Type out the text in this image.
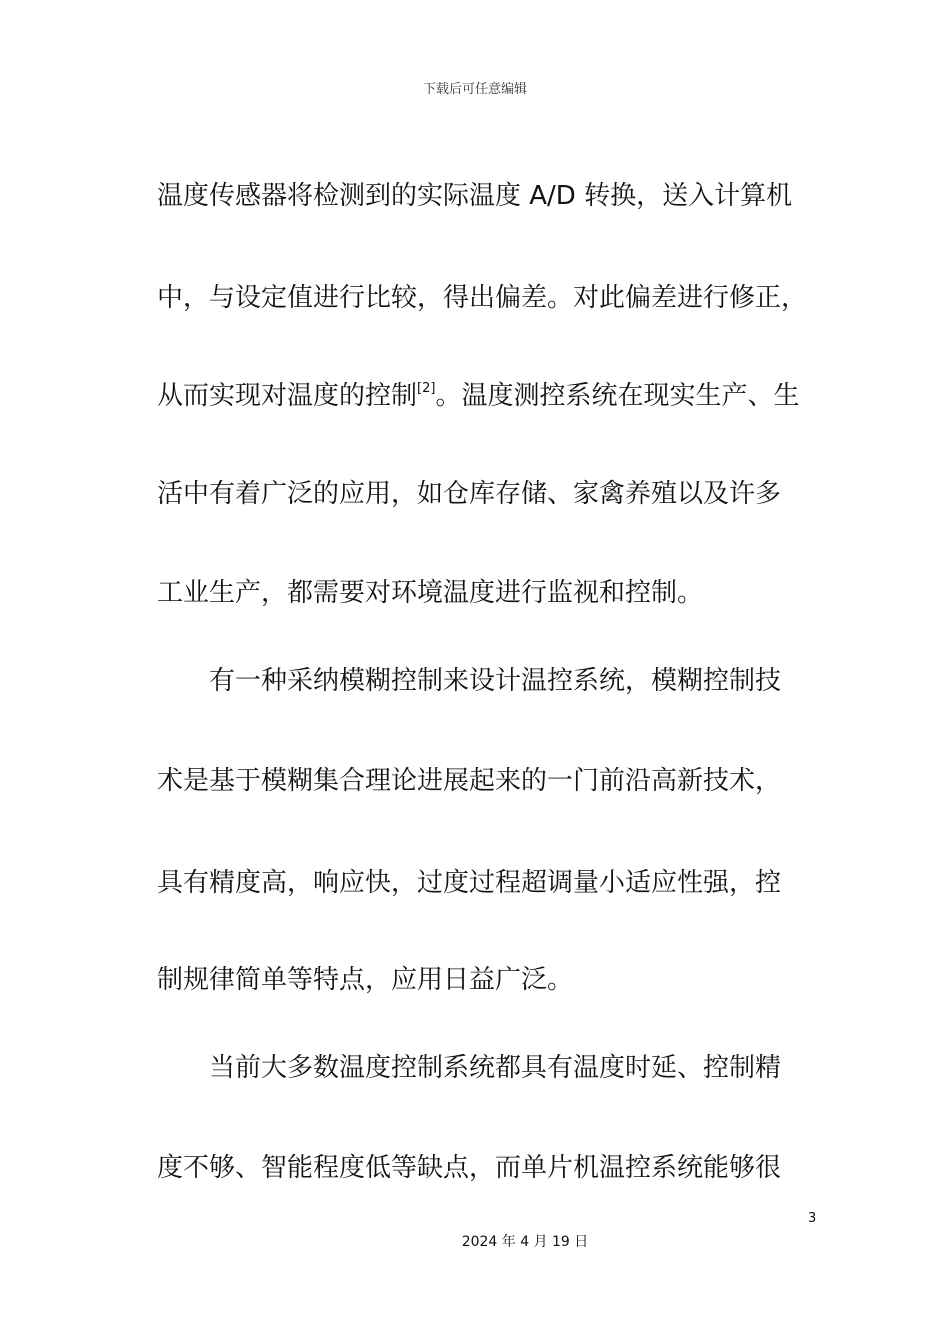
下载后可任意编辑
温度传感器将检测到的实际温度 A/D 转换，送入计算机
中，与设定值进行比较，得出偏差。对此偏差进行修正，
从而实现对温度的控制[2]。温度测控系统在现实生产、生
活中有着广泛的应用，如仓库存储、家禽养殖以及许多
工业生产，都需要对环境温度进行监视和控制。
有一种采纳模糊控制来设计温控系统，模糊控制技
术是基于模糊集合理论进展起来的一门前沿高新技术，
具有精度高，响应快，过度过程超调量小适应性强，控
制规律简单等特点，应用日益广泛。
当前大多数温度控制系统都具有温度时延、控制精
度不够、智能程度低等缺点，而单片机温控系统能够很
3
2024 年 4 月 19 日
